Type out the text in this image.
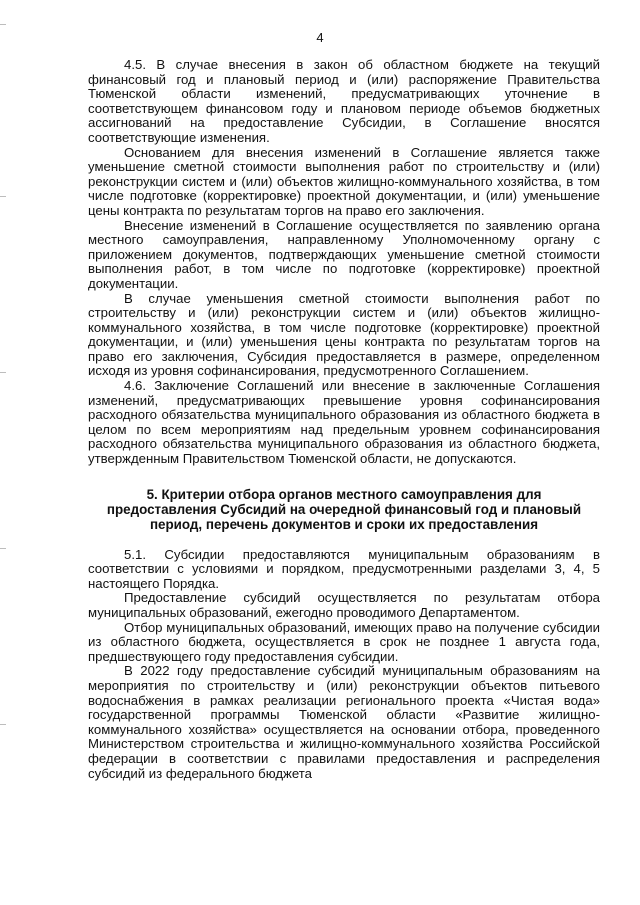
4

4.5. В случае внесения в закон об областном бюджете на текущий финансовый год и плановый период и (или) распоряжение Правительства Тюменской области изменений, предусматривающих уточнение в соответствующем финансовом году и плановом периоде объемов бюджетных ассигнований на предоставление Субсидии, в Соглашение вносятся соответствующие изменения.

Основанием для внесения изменений в Соглашение является также уменьшение сметной стоимости выполнения работ по строительству и (или) реконструкции систем и (или) объектов жилищно-коммунального хозяйства, в том числе подготовке (корректировке) проектной документации, и (или) уменьшение цены контракта по результатам торгов на право его заключения.

Внесение изменений в Соглашение осуществляется по заявлению органа местного самоуправления, направленному Уполномоченному органу с приложением документов, подтверждающих уменьшение сметной стоимости выполнения работ, в том числе по подготовке (корректировке) проектной документации.

В случае уменьшения сметной стоимости выполнения работ по строительству и (или) реконструкции систем и (или) объектов жилищно-коммунального хозяйства, в том числе подготовке (корректировке) проектной документации, и (или) уменьшения цены контракта по результатам торгов на право его заключения, Субсидия предоставляется в размере, определенном исходя из уровня софинансирования, предусмотренного Соглашением.

4.6. Заключение Соглашений или внесение в заключенные Соглашения изменений, предусматривающих превышение уровня софинансирования расходного обязательства муниципального образования из областного бюджета в целом по всем мероприятиям над предельным уровнем софинансирования расходного обязательства муниципального образования из областного бюджета, утвержденным Правительством Тюменской области, не допускаются.

5. Критерии отбора органов местного самоуправления для
предоставления Субсидий на очередной финансовый год и плановый
период, перечень документов и сроки их предоставления

5.1. Субсидии предоставляются муниципальным образованиям в соответствии с условиями и порядком, предусмотренными разделами 3, 4, 5 настоящего Порядка.

Предоставление субсидий осуществляется по результатам отбора муниципальных образований, ежегодно проводимого Департаментом.

Отбор муниципальных образований, имеющих право на получение субсидии из областного бюджета, осуществляется в срок не позднее 1 августа года, предшествующего году предоставления субсидии.

В 2022 году предоставление субсидий муниципальным образованиям на мероприятия по строительству и (или) реконструкции объектов питьевого водоснабжения в рамках реализации регионального проекта «Чистая вода» государственной программы Тюменской области «Развитие жилищно-коммунального хозяйства» осуществляется на основании отбора, проведенного Министерством строительства и жилищно-коммунального хозяйства Российской федерации в соответствии с правилами предоставления и распределения субсидий из федерального бюджета
